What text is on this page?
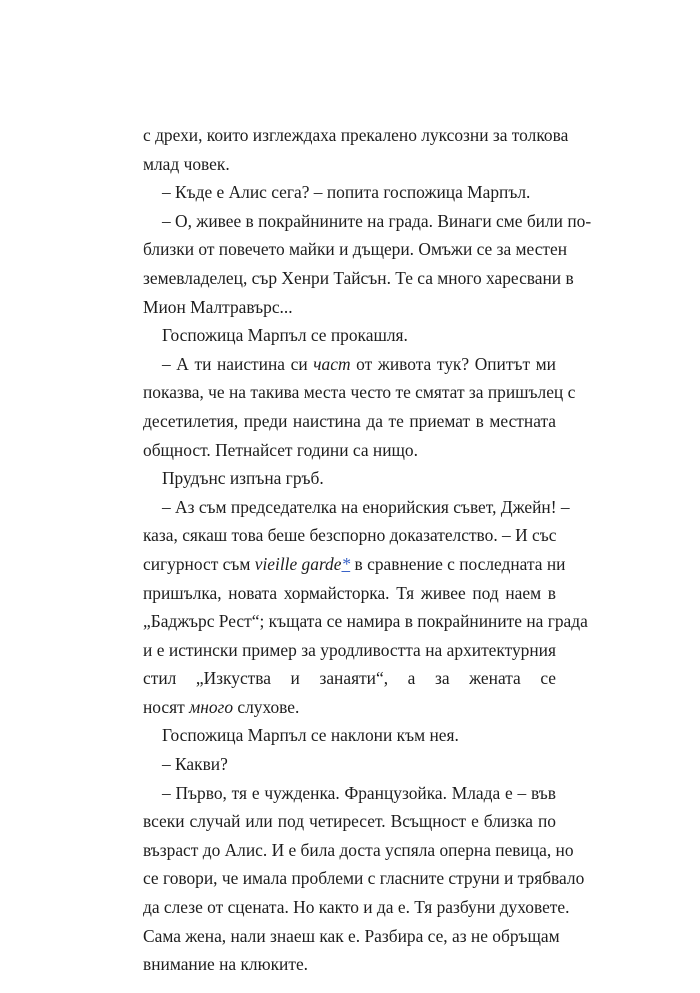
с дрехи, които изглеждаха прекалено луксозни за толкова
млад човек.
– Къде е Алис сега? – попита госпожица Марпъл.
– О, живее в покрайнините на града. Винаги сме били по-
близки от повечето майки и дъщери. Омъжи се за местен
земевладелец, сър Хенри Тайсън. Те са много харесвани в
Мион Малтравърс...
Госпожица Марпъл се прокашля.
– А ти наистина си част от живота тук? Опитът ми
показва, че на такива места често те смятат за пришълец с
десетилетия, преди наистина да те приемат в местната
общност. Петнайсет години са нищо.
Прудънс изпъна гръб.
– Аз съм председателка на енорийския съвет, Джейн! –
каза, сякаш това беше безспорно доказателство. – И със
сигурност съм vieille garde* в сравнение с последната ни
пришълка, новата хормайсторка. Тя живее под наем в
„Баджърс Рест“; къщата се намира в покрайнините на града
и е истински пример за уродливостта на архитектурния
стил „Изкуства и занаяти“, а за жената се
носят много слухове.
Госпожица Марпъл се наклони към нея.
– Какви?
– Първо, тя е чужденка. Французойка. Млада е – във
всеки случай или под четиресет. Всъщност е близка по
възраст до Алис. И е била доста успяла оперна певица, но
се говори, че имала проблеми с гласните струни и трябвало
да слезе от сцената. Но както и да е. Тя разбуни духовете.
Сама жена, нали знаеш как е. Разбира се, аз не обръщам
внимание на клюките.
